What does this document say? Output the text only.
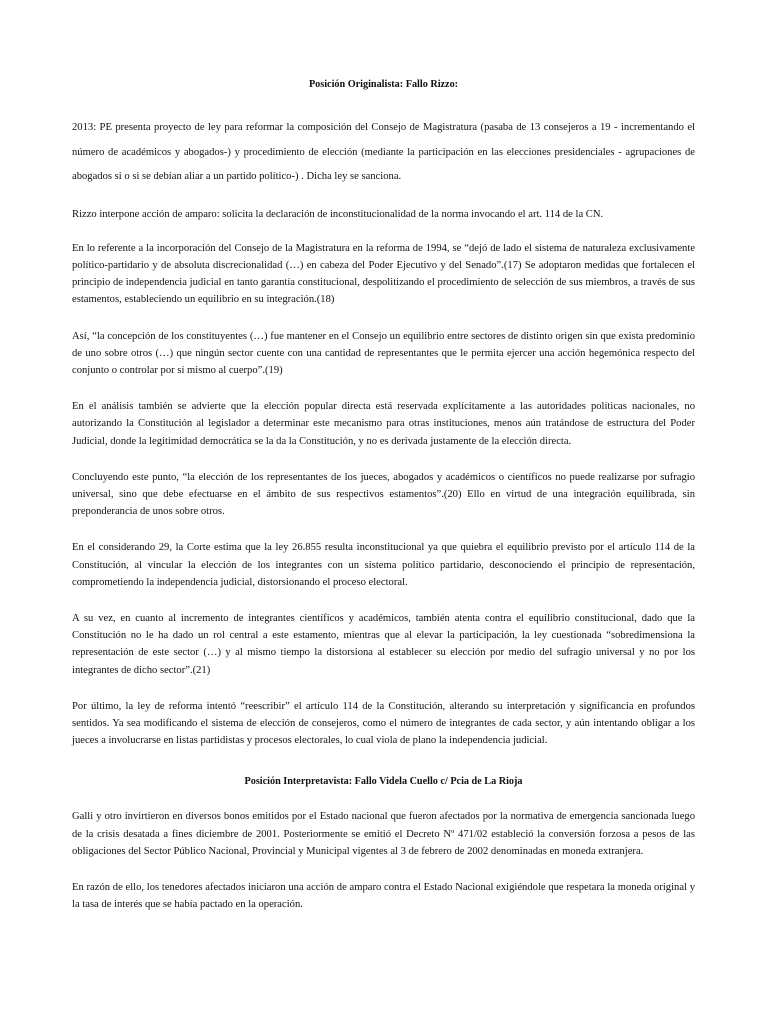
Posición Originalista: Fallo Rizzo:

2013: PE presenta proyecto de ley para reformar la composición del Consejo de Magistratura (pasaba de 13 consejeros a 19 - incrementando el número de académicos y abogados-) y procedimiento de elección (mediante la participación en las elecciones presidenciales - agrupaciones de abogados si o si se debían aliar a un partido político-) . Dicha ley se sanciona.

Rizzo interpone acción de amparo: solicita la declaración de inconstitucionalidad de la norma invocando el art. 114 de la CN.

En lo referente a la incorporación del Consejo de la Magistratura en la reforma de 1994, se “dejó de lado el sistema de naturaleza exclusivamente político-partidario y de absoluta discrecionalidad (…) en cabeza del Poder Ejecutivo y del Senado”.(17) Se adoptaron medidas que fortalecen el principio de independencia judicial en tanto garantía constitucional, despolitizando el procedimiento de selección de sus miembros, a través de sus estamentos, estableciendo un equilibrio en su integración.(18)

Así, “la concepción de los constituyentes (…) fue mantener en el Consejo un equilibrio entre sectores de distinto origen sin que exista predominio de uno sobre otros (…) que ningún sector cuente con una cantidad de representantes que le permita ejercer una acción hegemónica respecto del conjunto o controlar por sí mismo al cuerpo”.(19)

En el análisis también se advierte que la elección popular directa está reservada explícitamente a las autoridades políticas nacionales, no autorizando la Constitución al legislador a determinar este mecanismo para otras instituciones, menos aún tratándose de estructura del Poder Judicial, donde la legitimidad democrática se la da la Constitución, y no es derivada justamente de la elección directa.

Concluyendo este punto, “la elección de los representantes de los jueces, abogados y académicos o científicos no puede realizarse por sufragio universal, sino que debe efectuarse en el ámbito de sus respectivos estamentos”.(20) Ello en virtud de una integración equilibrada, sin preponderancia de unos sobre otros.

En el considerando 29, la Corte estima que la ley 26.855 resulta inconstitucional ya que quiebra el equilibrio previsto por el artículo 114 de la Constitución, al vincular la elección de los integrantes con un sistema político partidario, desconociendo el principio de representación, comprometiendo la independencia judicial, distorsionando el proceso electoral.

A su vez, en cuanto al incremento de integrantes científicos y académicos, también atenta contra el equilibrio constitucional, dado que la Constitución no le ha dado un rol central a este estamento, mientras que al elevar la participación, la ley cuestionada “sobredimensiona la representación de este sector (…) y al mismo tiempo la distorsiona al establecer su elección por medio del sufragio universal y no por los integrantes de dicho sector”.(21)

Por último, la ley de reforma intentó “reescribir” el artículo 114 de la Constitución, alterando su interpretación y significancia en profundos sentidos. Ya sea modificando el sistema de elección de consejeros, como el número de integrantes de cada sector, y aún intentando obligar a los jueces a involucrarse en listas partidistas y procesos electorales, lo cual viola de plano la independencia judicial.

Posición Interpretavista: Fallo Videla Cuello c/ Pcia de La Rioja

Galli y otro invirtieron en diversos bonos emitidos por el Estado nacional que fueron afectados por la normativa de emergencia sancionada luego de la crisis desatada a fines diciembre de 2001. Posteriormente se emitió el Decreto Nº 471/02 estableció la conversión forzosa a pesos de las obligaciones del Sector Público Nacional, Provincial y Municipal vigentes al 3 de febrero de 2002 denominadas en moneda extranjera.

En razón de ello, los tenedores afectados iniciaron una acción de amparo contra el Estado Nacional exigiéndole que respetara la moneda original y la tasa de interés que se había pactado en la operación.
